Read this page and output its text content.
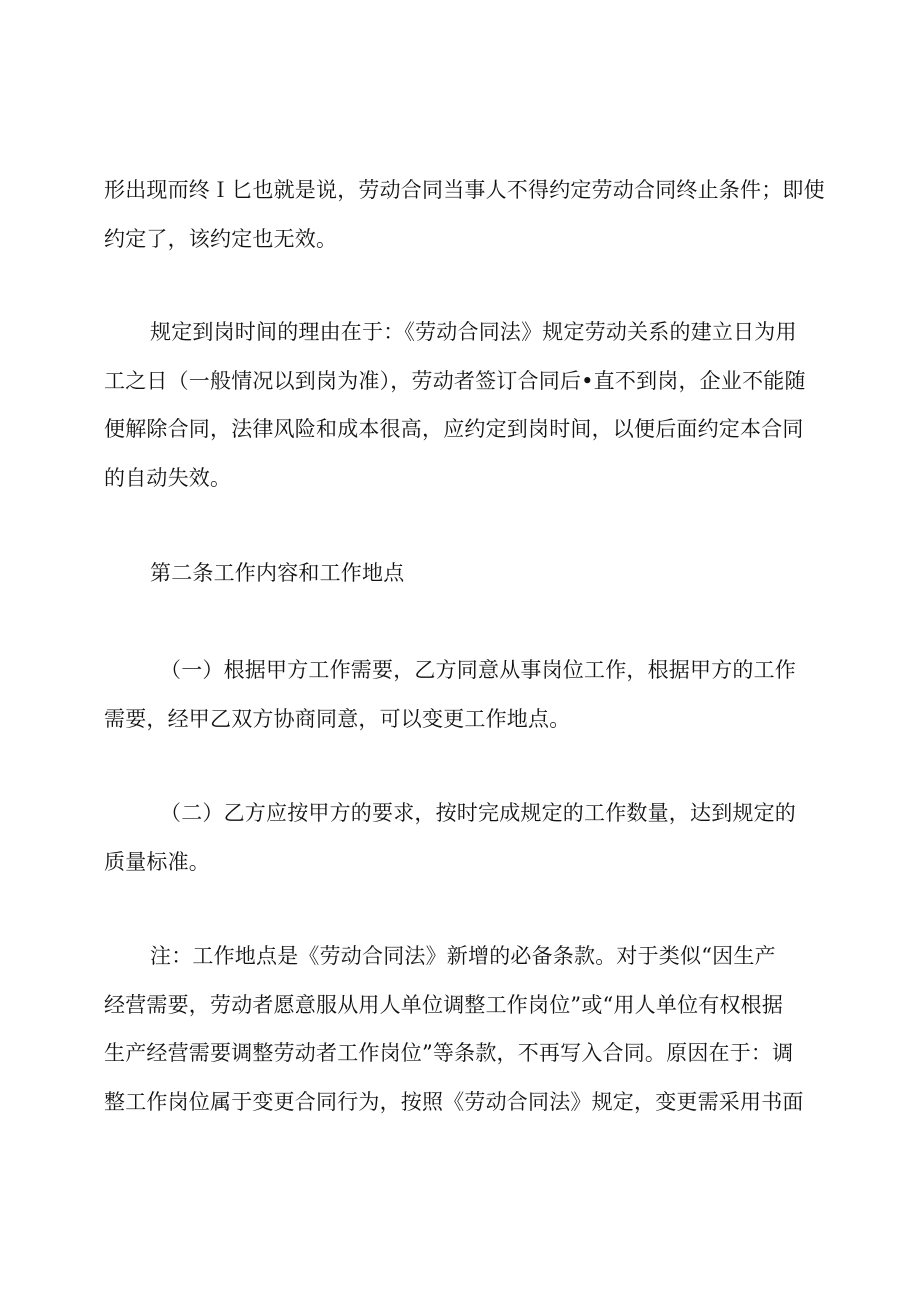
形出现而终Ｉ匕也就是说，劳动合同当事人不得约定劳动合同终止条件；即使
约定了，该约定也无效。

规定到岗时间的理由在于：《劳动合同法》规定劳动关系的建立日为用
工之日（一般情况以到岗为准），劳动者签订合同后•直不到岗，企业不能随
便解除合同，法律风险和成本很高，应约定到岗时间，以便后面约定本合同
的自动失效。

第二条工作内容和工作地点

（一）根据甲方工作需要，乙方同意从事岗位工作，根据甲方的工作
需要，经甲乙双方协商同意，可以变更工作地点。

（二）乙方应按甲方的要求，按时完成规定的工作数量，达到规定的
质量标准。

注：工作地点是《劳动合同法》新增的必备条款。对于类似“因生产
经营需要，劳动者愿意服从用人单位调整工作岗位”或“用人单位有权根据
生产经营需要调整劳动者工作岗位”等条款，不再写入合同。原因在于：调
整工作岗位属于变更合同行为，按照《劳动合同法》规定，变更需采用书面
